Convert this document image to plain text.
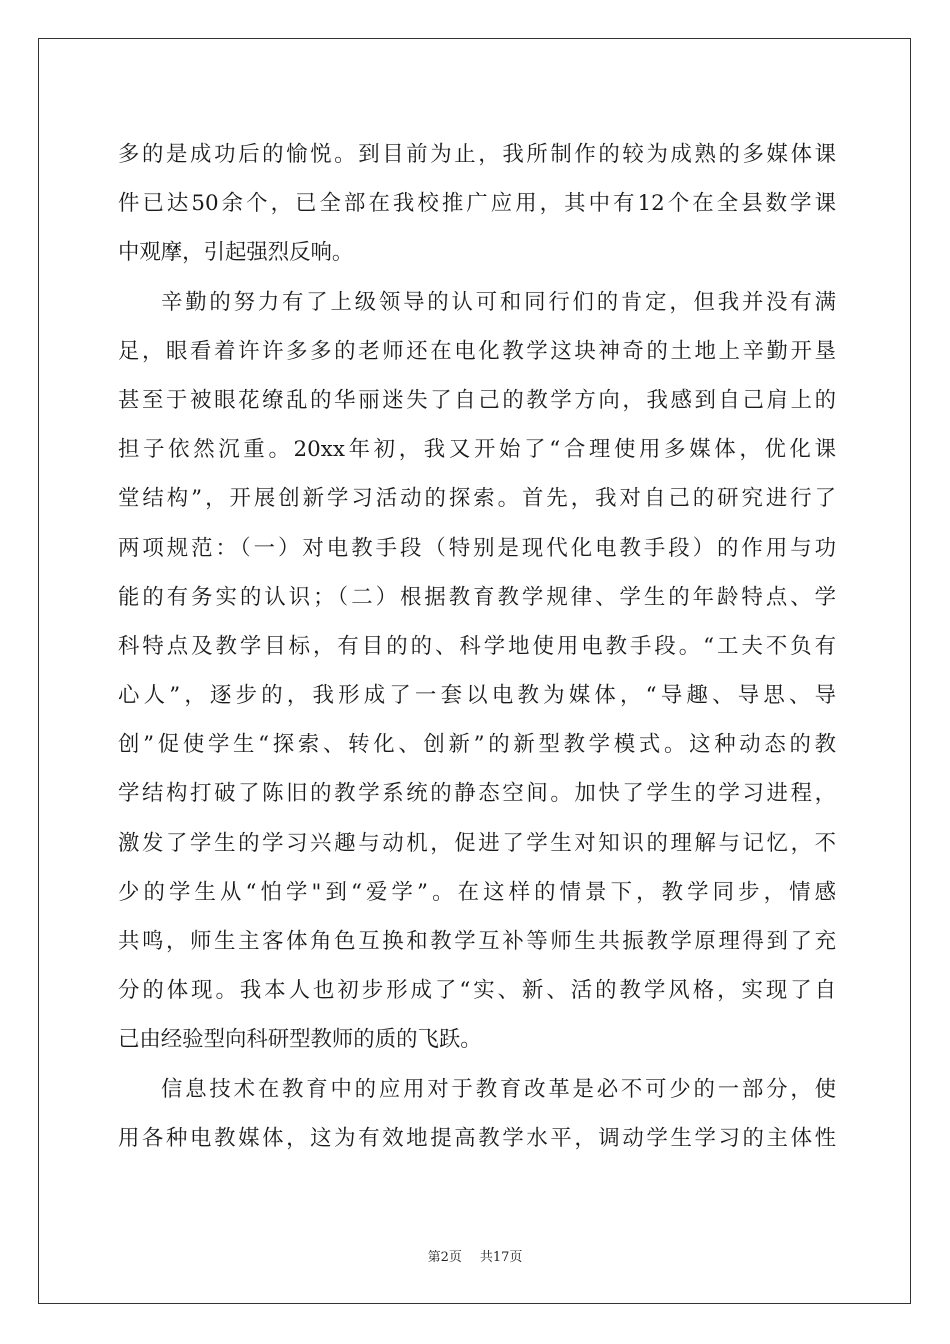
多的是成功后的愉悦。到目前为止，我所制作的较为成熟的多媒体课
件已达50余个，已全部在我校推广应用，其中有12个在全县数学课
中观摩，引起强烈反响。
辛勤的努力有了上级领导的认可和同行们的肯定，但我并没有满
足，眼看着许许多多的老师还在电化教学这块神奇的土地上辛勤开垦
甚至于被眼花缭乱的华丽迷失了自己的教学方向，我感到自己肩上的
担子依然沉重。20xx年初，我又开始了“合理使用多媒体，优化课
堂结构”，开展创新学习活动的探索。首先，我对自己的研究进行了
两项规范：（一）对电教手段（特别是现代化电教手段）的作用与功
能的有务实的认识；（二）根据教育教学规律、学生的年龄特点、学
科特点及教学目标，有目的的、科学地使用电教手段。“工夫不负有
心人”，逐步的，我形成了一套以电教为媒体，“导趣、导思、导
创”促使学生“探索、转化、创新”的新型教学模式。这种动态的教
学结构打破了陈旧的教学系统的静态空间。加快了学生的学习进程，
激发了学生的学习兴趣与动机，促进了学生对知识的理解与记忆，不
少的学生从“怕学"到“爱学”。在这样的情景下，教学同步，情感
共鸣，师生主客体角色互换和教学互补等师生共振教学原理得到了充
分的体现。我本人也初步形成了“实、新、活的教学风格，实现了自
己由经验型向科研型教师的质的飞跃。
信息技术在教育中的应用对于教育改革是必不可少的一部分，使
用各种电教媒体，这为有效地提高教学水平，调动学生学习的主体性
第2页 共17页
